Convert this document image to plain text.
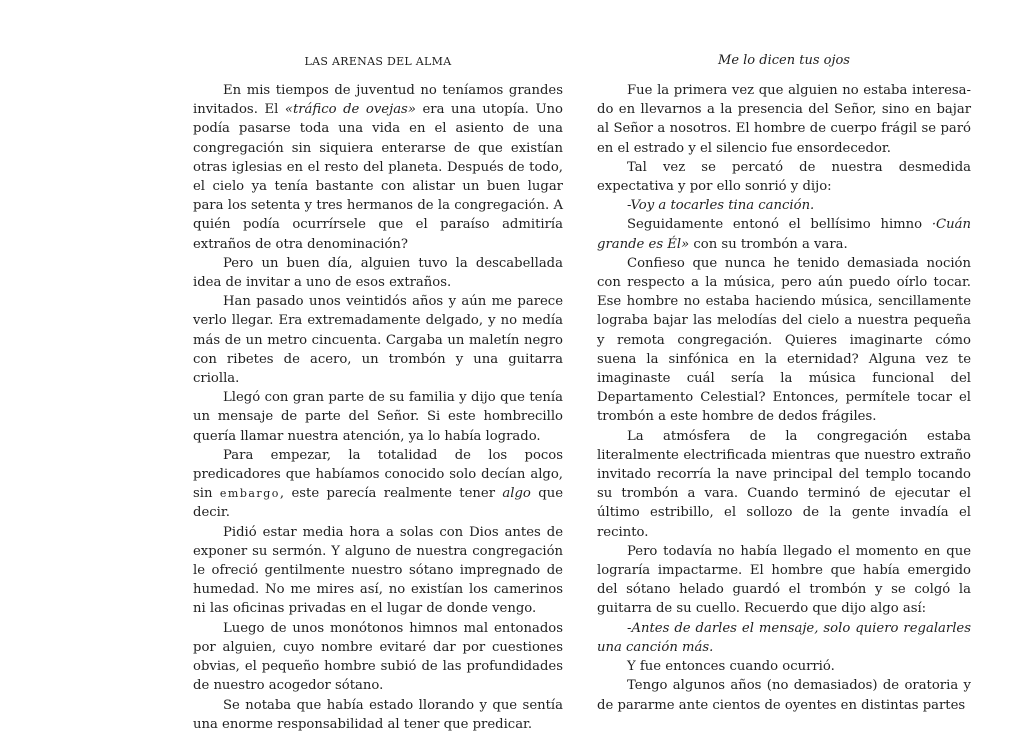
LAS ARENAS DEL ALMA

En mis tiempos de juventud no teníamos grandes invitados. El «tráfico de ovejas» era una utopía. Uno podía pasarse toda una vida en el asiento de una congregación sin siquiera enterarse de que existían otras iglesias en el resto del planeta. Después de todo, el cielo ya tenía bastante con alistar un buen lugar para los setenta y tres hermanos de la congregación. A quién podía ocurrírsele que el paraíso admitiría extraños de otra denominación?

Pero un buen día, alguien tuvo la descabellada idea de invitar a uno de esos extraños.

Han pasado unos veintidós años y aún me parece verlo llegar. Era extremadamente delgado, y no medía más de un metro cincuenta. Cargaba un maletín negro con ribetes de acero, un trombón y una guitarra criolla.

Llegó con gran parte de su familia y dijo que tenía un mensaje de parte del Señor. Si este hombrecillo quería llamar nuestra atención, ya lo había logrado.

Para empezar, la totalidad de los pocos predicadores que habíamos conocido solo decían algo, sin embargo, este parecía realmente tener algo que decir.

Pidió estar media hora a solas con Dios antes de exponer su sermón. Y alguno de nuestra congregación le ofreció gentilmente nuestro sótano impregnado de humedad. No me mires así, no existían los camerinos ni las oficinas privadas en el lugar de donde vengo.

Luego de unos monótonos himnos mal entonados por alguien, cuyo nombre evitaré dar por cuestiones obvias, el pequeño hombre subió de las profundidades de nuestro acogedor sótano.

Se notaba que había estado llorando y que sentía una enorme responsabilidad al tener que predicar.

Me lo dicen tus ojos

Fue la primera vez que alguien no estaba interesa-do en llevarnos a la presencia del Señor, sino en bajar al Señor a nosotros. El hombre de cuerpo frágil se paró en el estrado y el silencio fue ensordecedor.

Tal vez se percató de nuestra desmedida expectativa y por ello sonrió y dijo:

-Voy a tocarles tina canción.

Seguidamente entonó el bellísimo himno ·Cuán grande es Él» con su trombón a vara.

Confieso que nunca he tenido demasiada noción con respecto a la música, pero aún puedo oírlo tocar. Ese hombre no estaba haciendo música, sencillamente lograba bajar las melodías del cielo a nuestra pequeña y remota congregación. Quieres imaginarte cómo suena la sinfónica en la eternidad? Alguna vez te imaginaste cuál sería la música funcional del Departamento Celestial? Entonces, permítele tocar el trombón a este hombre de dedos frágiles.

La atmósfera de la congregación estaba literalmente electrificada mientras que nuestro extraño invitado recorría la nave principal del templo tocando su trombón a vara. Cuando terminó de ejecutar el último estribillo, el sollozo de la gente invadía el recinto.

Pero todavía no había llegado el momento en que lograría impactarme. El hombre que había emergido del sótano helado guardó el trombón y se colgó la guitarra de su cuello. Recuerdo que dijo algo así:

-Antes de darles el mensaje, solo quiero regalarles una canción más.

Y fue entonces cuando ocurrió.

Tengo algunos años (no demasiados) de oratoria y de pararme ante cientos de oyentes en distintas partes
